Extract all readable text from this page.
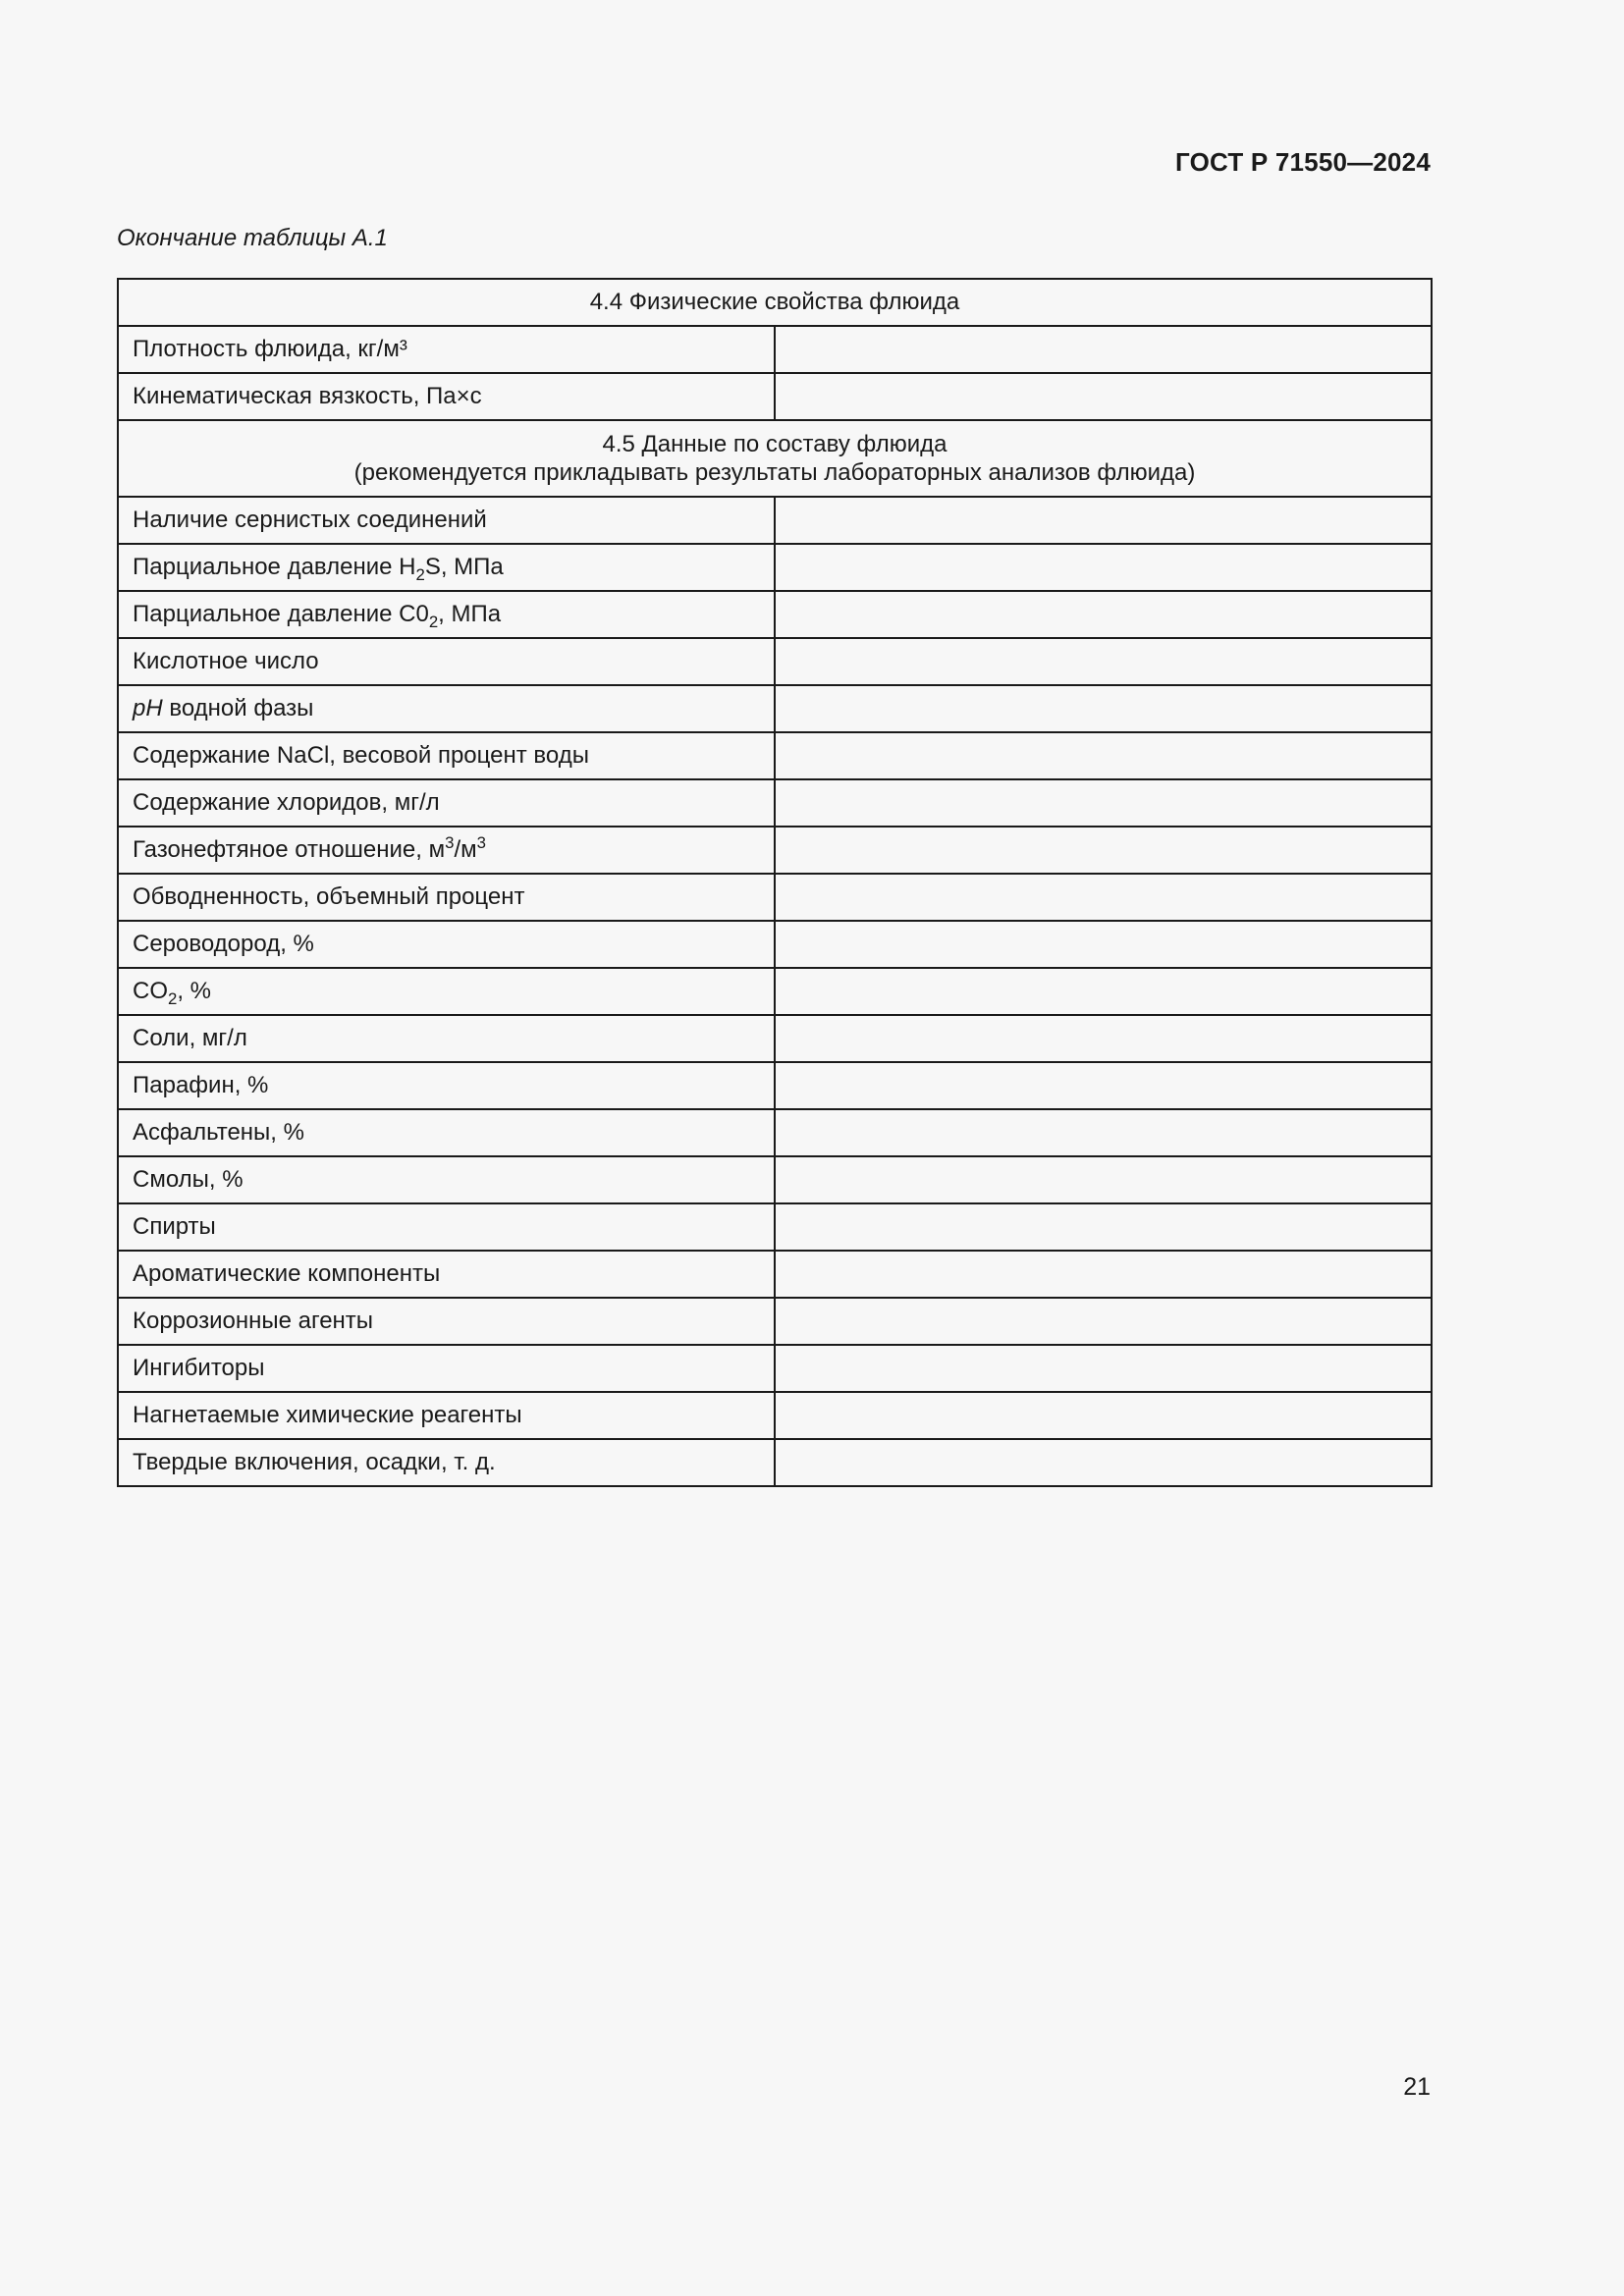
ГОСТ Р 71550—2024
Окончание таблицы А.1
4.4 Физические свойства флюида	
Плотность флюида, кг/м³	
Кинематическая вязкость, Па×с	

4.5 Данные по составу флюида
(рекомендуется прикладывать результаты лабораторных анализов флюида)	

Наличие сернистых соединений	
Парциальное давление $H_2S$, МПа	
Парциальное давление $С0_2$, МПа	
Кислотное число	
pH водной фазы	
Содержание NaCl, весовой процент воды	
Содержание хлоридов, мг/л	
Газонефтяное отношение, $м^3/м^3$	
Обводненность, объемный процент	
Сероводород, %	
$CO_2$, %	
Соли, мг/л	
Парафин, %	
Асфальтены, %	
Смолы, %	
Спирты	
Ароматические компоненты	
Коррозионные агенты	
Ингибиторы	
Нагнетаемые химические реагенты	
Твердые включения, осадки, т. д.	
21
